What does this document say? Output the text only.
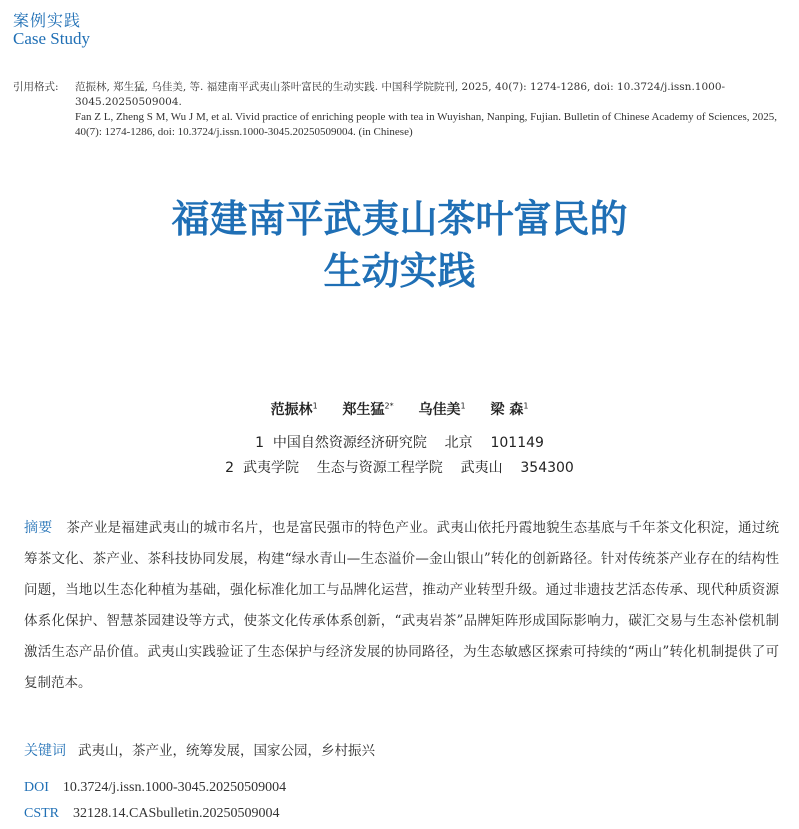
案例实践
Case Study
引用格式:	范振林, 郑生猛, 乌佳美, 等. 福建南平武夷山茶叶富民的生动实践. 中国科学院院刊, 2025, 40(7): 1274-1286, doi: 10.3724/j.issn.1000-3045.20250509004.
Fan Z L, Zheng S M, Wu J M, et al. Vivid practice of enriching people with tea in Wuyishan, Nanping, Fujian. Bulletin of Chinese Academy of Sciences, 2025, 40(7): 1274-1286, doi: 10.3724/j.issn.1000-3045.20250509004. (in Chinese)
福建南平武夷山茶叶富民的
生动实践
范振林$^1$ 郑生猛$^{2*}$ 乌佳美$^1$ 梁 森$^1$
1  中国自然资源经济研究院    北京    101149
2  武夷学院    生态与资源工程学院    武夷山    354300
摘要 茶产业是福建武夷山的城市名片，也是富民强市的特色产业。武夷山依托丹霞地貌生态基底与千年茶文化积淀，通过统筹茶文化、茶产业、茶科技协同发展，构建“绿水青山—生态溢价—金山银山”转化的创新路径。针对传统茶产业存在的结构性问题，当地以生态化种植为基础，强化标准化加工与品牌化运营，推动产业转型升级。通过非遗技艺活态传承、现代种质资源体系化保护、智慧茶园建设等方式，使茶文化传承体系创新，“武夷岩茶”品牌矩阵形成国际影响力，碳汇交易与生态补偿机制激活生态产品价值。武夷山实践验证了生态保护与经济发展的协同路径，为生态敏感区探索可持续的“两山”转化机制提供了可复制范本。
关键词 武夷山，茶产业，统筹发展，国家公园，乡村振兴
DOI 10.3724/j.issn.1000-3045.20250509004
CSTR 32128.14.CASbulletin.20250509004
